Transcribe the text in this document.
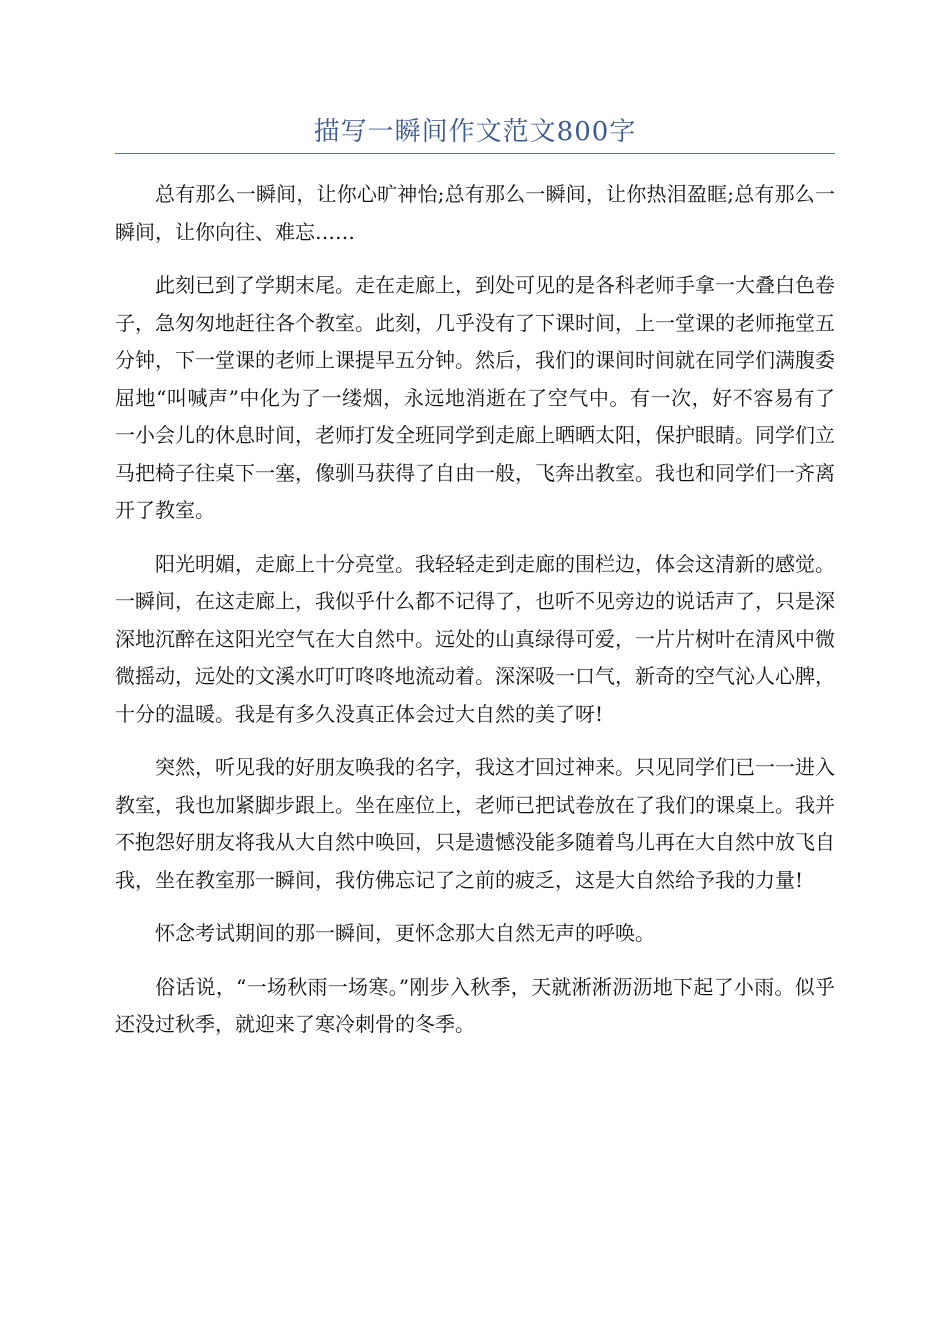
描写一瞬间作文范文800字

总有那么一瞬间，让你心旷神怡;总有那么一瞬间，让你热泪盈眶;总有那么一瞬间，让你向往、难忘……

此刻已到了学期末尾。走在走廊上，到处可见的是各科老师手拿一大叠白色卷子，急匆匆地赶往各个教室。此刻，几乎没有了下课时间，上一堂课的老师拖堂五分钟，下一堂课的老师上课提早五分钟。然后，我们的课间时间就在同学们满腹委屈地“叫喊声”中化为了一缕烟，永远地消逝在了空气中。有一次，好不容易有了一小会儿的休息时间，老师打发全班同学到走廊上晒晒太阳，保护眼睛。同学们立马把椅子往桌下一塞，像驯马获得了自由一般，飞奔出教室。我也和同学们一齐离开了教室。

阳光明媚，走廊上十分亮堂。我轻轻走到走廊的围栏边，体会这清新的感觉。一瞬间，在这走廊上，我似乎什么都不记得了，也听不见旁边的说话声了，只是深深地沉醉在这阳光空气在大自然中。远处的山真绿得可爱，一片片树叶在清风中微微摇动，远处的文溪水叮叮咚咚地流动着。深深吸一口气，新奇的空气沁人心脾，十分的温暖。我是有多久没真正体会过大自然的美了呀!

突然，听见我的好朋友唤我的名字，我这才回过神来。只见同学们已一一进入教室，我也加紧脚步跟上。坐在座位上，老师已把试卷放在了我们的课桌上。我并不抱怨好朋友将我从大自然中唤回，只是遗憾没能多随着鸟儿再在大自然中放飞自我，坐在教室那一瞬间，我仿佛忘记了之前的疲乏，这是大自然给予我的力量!

怀念考试期间的那一瞬间，更怀念那大自然无声的呼唤。

俗话说，“一场秋雨一场寒。”刚步入秋季，天就淅淅沥沥地下起了小雨。似乎还没过秋季，就迎来了寒冷刺骨的冬季。
